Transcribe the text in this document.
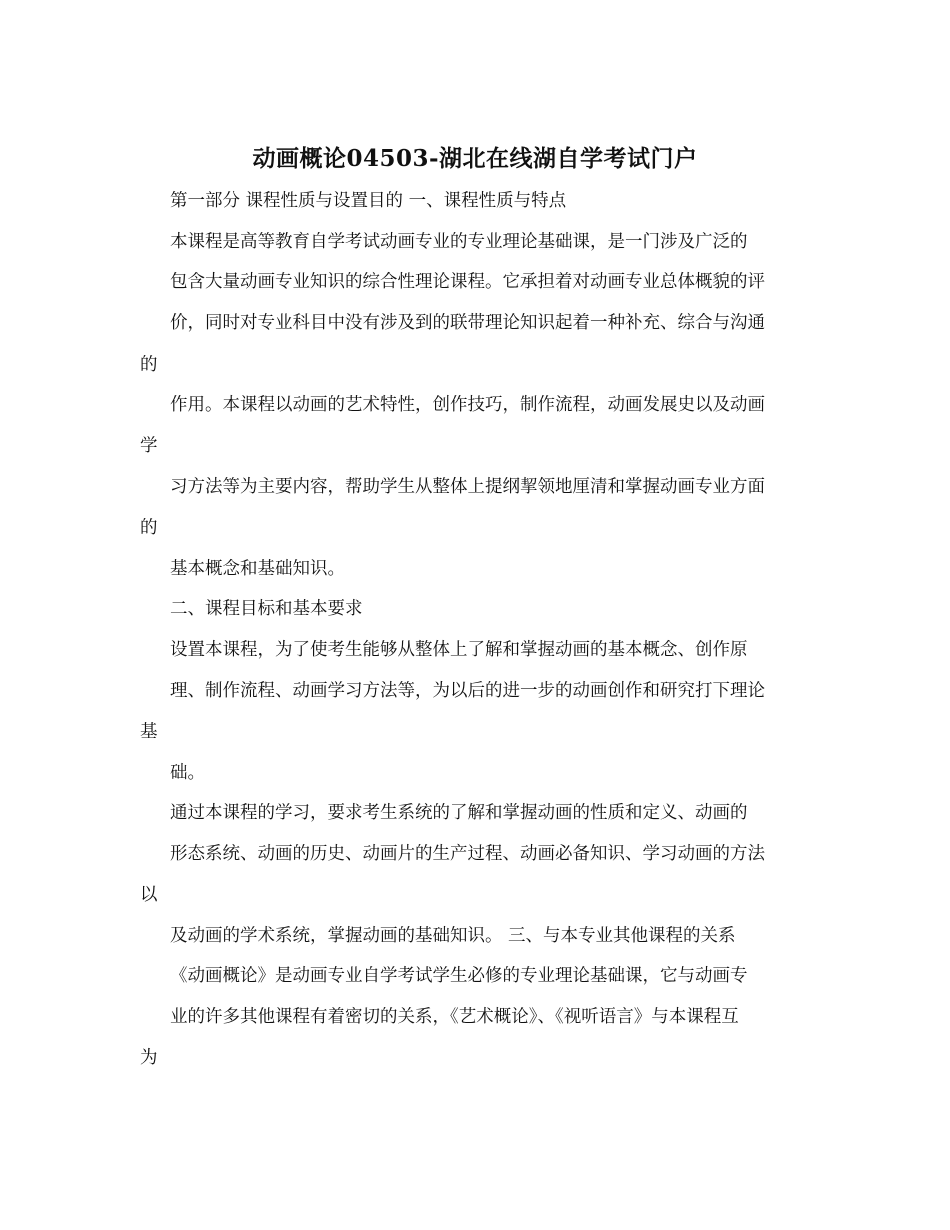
动画概论04503-湖北在线湖自学考试门户
第一部分 课程性质与设置目的 一、课程性质与特点
本课程是高等教育自学考试动画专业的专业理论基础课，是一门涉及广泛的
包含大量动画专业知识的综合性理论课程。它承担着对动画专业总体概貌的评
价，同时对专业科目中没有涉及到的联带理论知识起着一种补充、综合与沟通
的
作用。本课程以动画的艺术特性，创作技巧，制作流程，动画发展史以及动画
学
习方法等为主要内容，帮助学生从整体上提纲挈领地厘清和掌握动画专业方面
的
基本概念和基础知识。
二、课程目标和基本要求
设置本课程，为了使考生能够从整体上了解和掌握动画的基本概念、创作原
理、制作流程、动画学习方法等，为以后的进一步的动画创作和研究打下理论
基
础。
通过本课程的学习，要求考生系统的了解和掌握动画的性质和定义、动画的
形态系统、动画的历史、动画片的生产过程、动画必备知识、学习动画的方法
以
及动画的学术系统，掌握动画的基础知识。 三、与本专业其他课程的关系
《动画概论》是动画专业自学考试学生必修的专业理论基础课，它与动画专
业的许多其他课程有着密切的关系，《艺术概论》、《视听语言》与本课程互
为
